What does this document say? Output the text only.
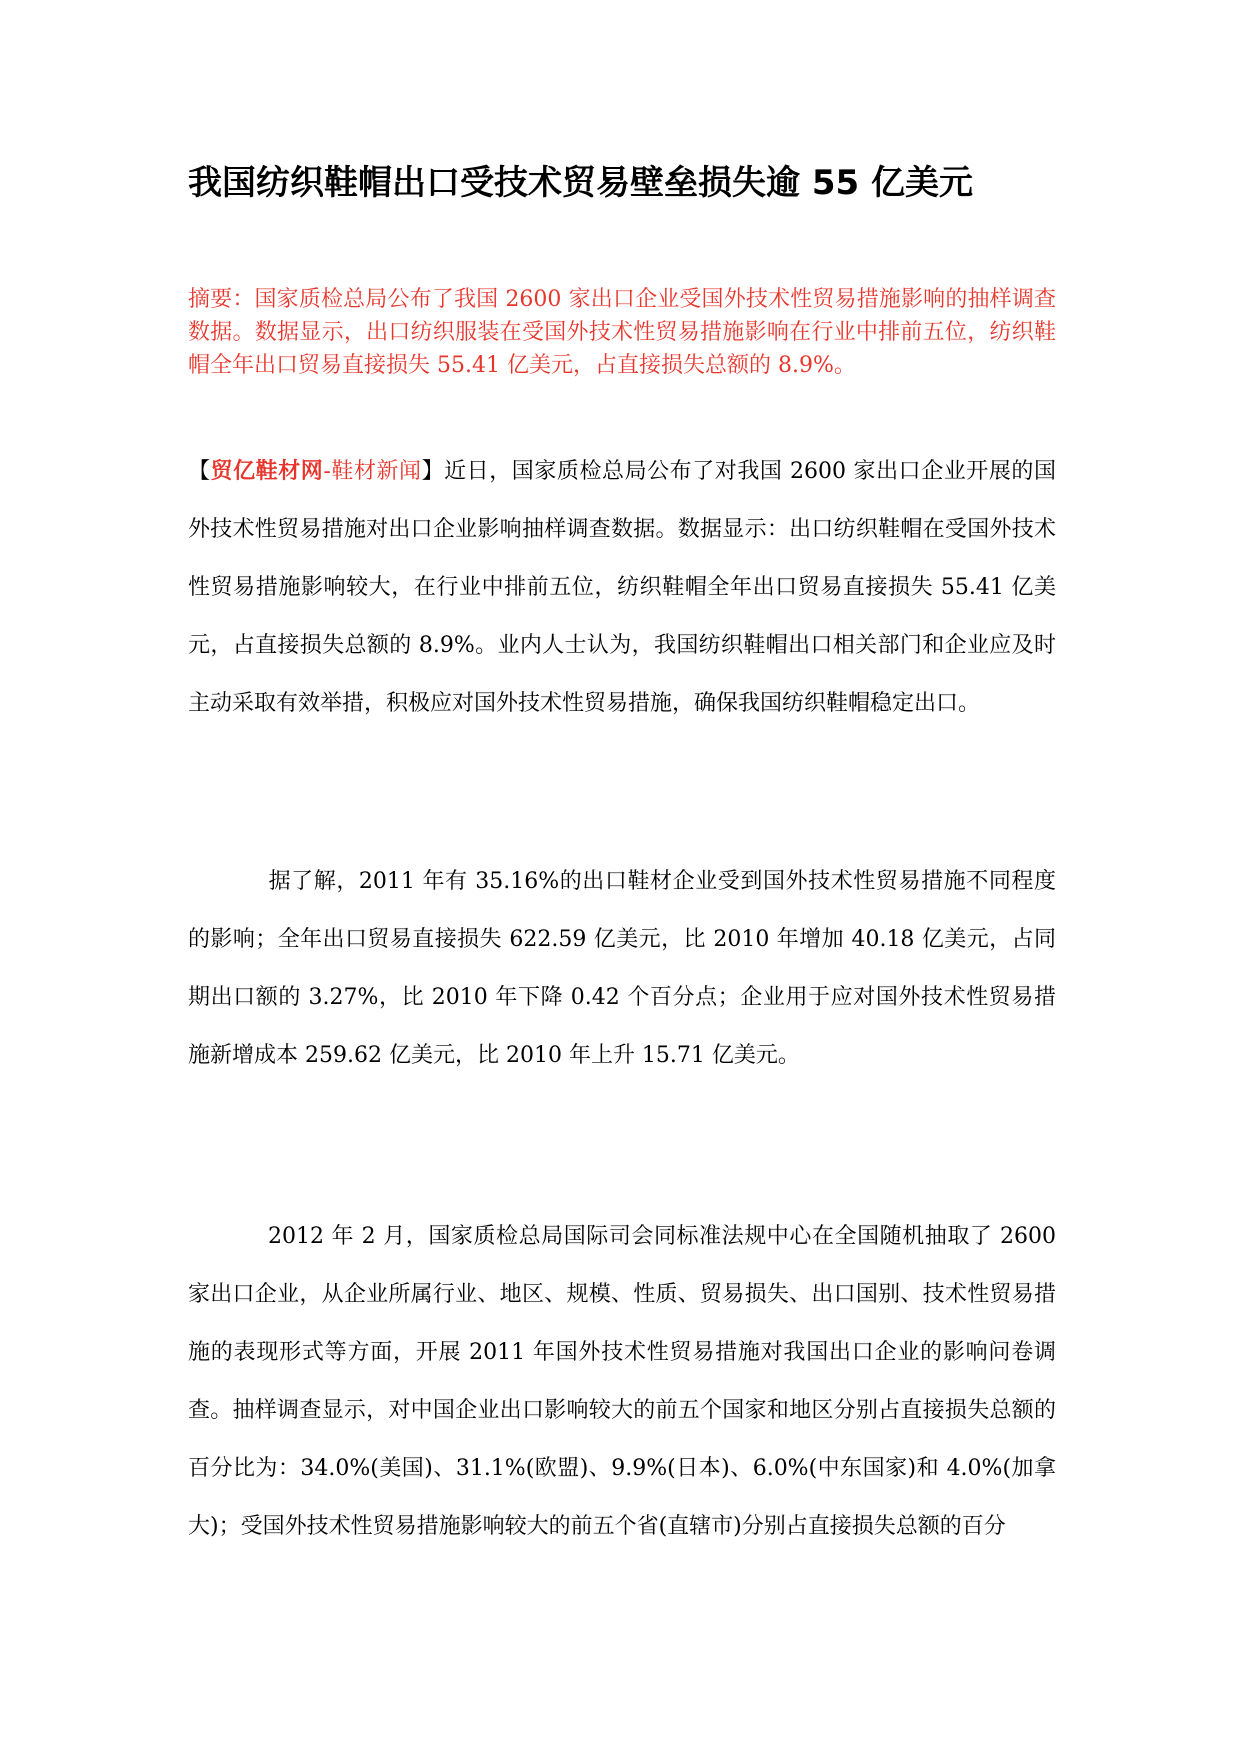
我国纺织鞋帽出口受技术贸易壁垒损失逾 55 亿美元

摘要：国家质检总局公布了我国 2600 家出口企业受国外技术性贸易措施影响的抽样调查数据。数据显示，出口纺织服装在受国外技术性贸易措施影响在行业中排前五位，纺织鞋帽全年出口贸易直接损失 55.41 亿美元，占直接损失总额的 8.9%。

【贸亿鞋材网-鞋材新闻】近日，国家质检总局公布了对我国 2600 家出口企业开展的国外技术性贸易措施对出口企业影响抽样调查数据。数据显示：出口纺织鞋帽在受国外技术性贸易措施影响较大，在行业中排前五位，纺织鞋帽全年出口贸易直接损失 55.41 亿美元，占直接损失总额的 8.9%。业内人士认为，我国纺织鞋帽出口相关部门和企业应及时主动采取有效举措，积极应对国外技术性贸易措施，确保我国纺织鞋帽稳定出口。

据了解，2011 年有 35.16%的出口鞋材企业受到国外技术性贸易措施不同程度的影响；全年出口贸易直接损失 622.59 亿美元，比 2010 年增加 40.18 亿美元，占同期出口额的 3.27%，比 2010 年下降 0.42 个百分点；企业用于应对国外技术性贸易措施新增成本 259.62 亿美元，比 2010 年上升 15.71 亿美元。

2012 年 2 月，国家质检总局国际司会同标准法规中心在全国随机抽取了 2600 家出口企业，从企业所属行业、地区、规模、性质、贸易损失、出口国别、技术性贸易措施的表现形式等方面，开展 2011 年国外技术性贸易措施对我国出口企业的影响问卷调查。抽样调查显示，对中国企业出口影响较大的前五个国家和地区分别占直接损失总额的百分比为：34.0%(美国)、31.1%(欧盟)、9.9%(日本)、6.0%(中东国家)和 4.0%(加拿大)；受国外技术性贸易措施影响较大的前五个省(直辖市)分别占直接损失总额的百分
